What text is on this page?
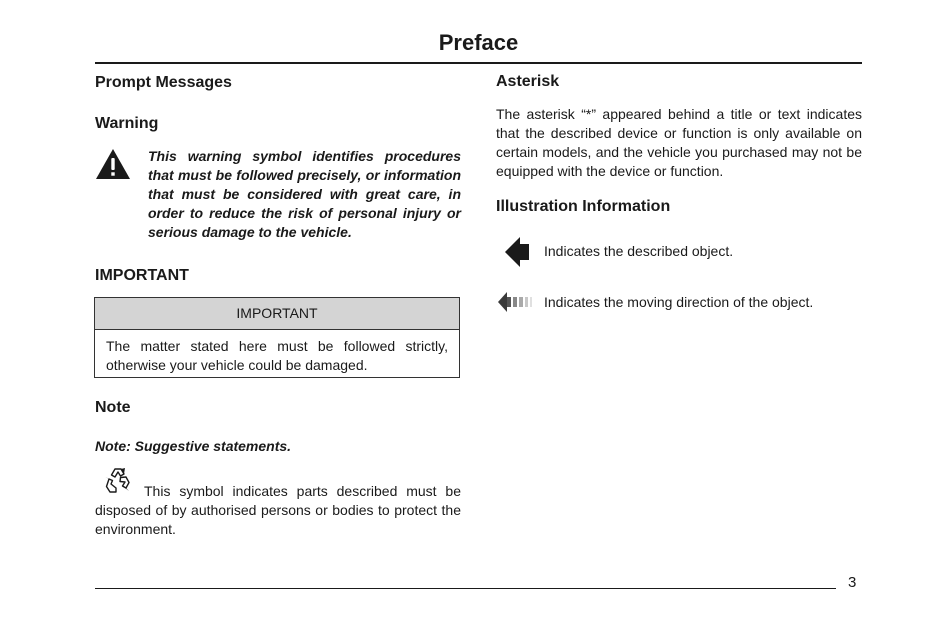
Preface
Prompt Messages
Warning

This warning symbol identifies procedures that must be followed precisely, or information that must be considered with great care, in order to reduce the risk of personal injury or serious damage to the vehicle.

IMPORTANT
IMPORTANT
The matter stated here must be followed strictly, otherwise your vehicle could be damaged.
Note

Note: Suggestive statements.

This symbol indicates parts described must be disposed of by authorised persons or bodies to protect the environment.

Asterisk

The asterisk “*” appeared behind a title or text indicates that the described device or function is only available on certain models, and the vehicle you purchased may not be equipped with the device or function.

Illustration Information

Indicates the described object.

Indicates the moving direction of the object.

3
